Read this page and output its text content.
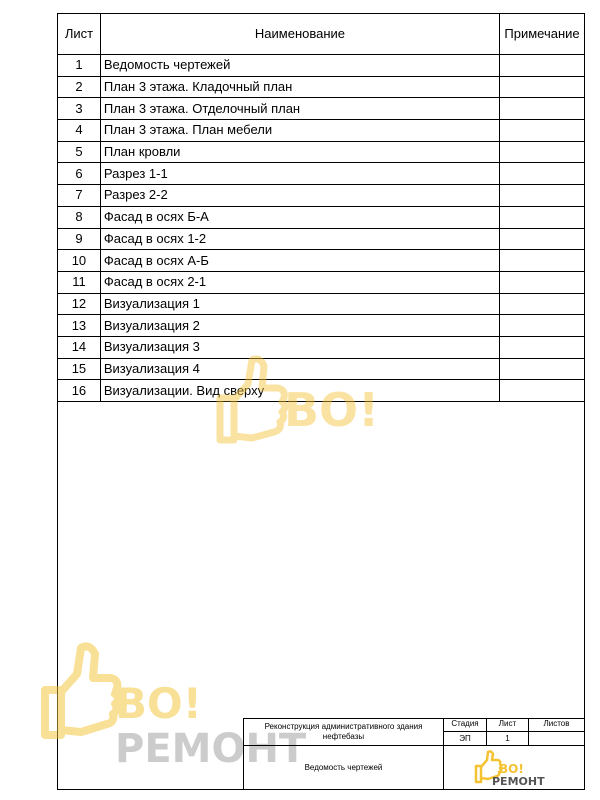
Лист	Наименование	Примечание
1	Ведомость чертежей	
2	План 3 этажа. Кладочный план	
3	План 3 этажа. Отделочный план	
4	План 3 этажа. План мебели	
5	План кровли	
6	Разрез 1-1	
7	Разрез 2-2	
8	Фасад в осях Б-А	
9	Фасад в осях 1-2	
10	Фасад в осях А-Б	
11	Фасад в осях 2-1	
12	Визуализация 1	
13	Визуализация 2	
14	Визуализация 3	
15	Визуализация 4	
16	Визуализации. Вид сверху	ВО!
ВО!
РЕМОНТ
Реконструкция административного здания нефтебазы
Ведомость чертежей
Стадия	Лист	Листов
ЭП	1
ВО!
РЕМОНТ
